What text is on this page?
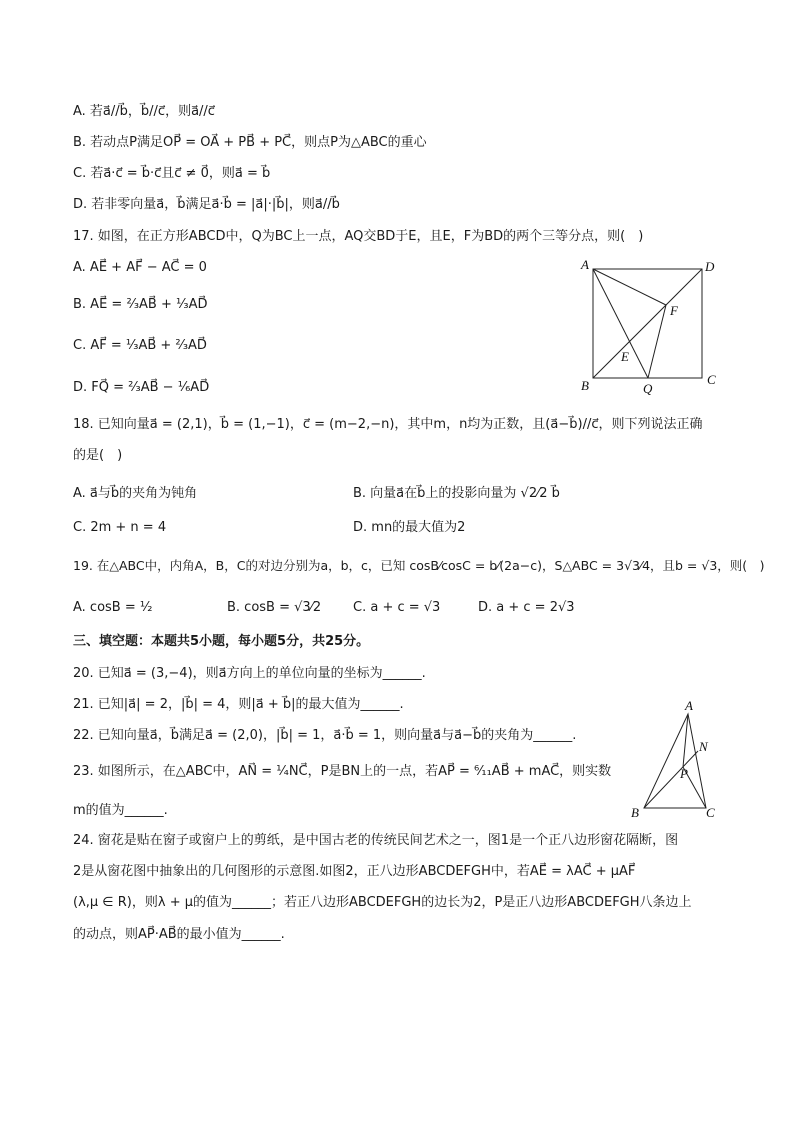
A. 若a⃗//b⃗，b⃗//c⃗，则a⃗//c⃗
B. 若动点P满足OP⃗ = OA⃗ + PB⃗ + PC⃗，则点P为△ABC的重心
C. 若a⃗·c⃗ = b⃗·c⃗且c⃗ ≠ 0⃗，则a⃗ = b⃗
D. 若非零向量a⃗，b⃗满足a⃗·b⃗ = |a⃗|·|b⃗|，则a⃗//b⃗
17. 如图，在正方形ABCD中，Q为BC上一点，AQ交BD于E，且E，F为BD的两个三等分点，则(　)
A. AE⃗ + AF⃗ − AC⃗ = 0
B. AE⃗ = ²⁄₃AB⃗ + ¹⁄₃AD⃗
C. AF⃗ = ¹⁄₃AB⃗ + ²⁄₃AD⃗
D. FQ⃗ = ²⁄₃AB⃗ − ¹⁄₆AD⃗
A	D
F
E
B	Q
C
18. 已知向量a⃗ = (2,1)，b⃗ = (1,−1)，c⃗ = (m−2,−n)，其中m，n均为正数，且(a⃗−b⃗)//c⃗，则下列说法正确
的是(　)
A. a⃗与b⃗的夹角为钝角	B. 向量a⃗在b⃗上的投影向量为 √2⁄2 b⃗
C. 2m + n = 4	D. mn的最大值为2
19. 在△ABC中，内角A，B，C的对边分别为a，b，c，已知 cosB⁄cosC = b⁄(2a−c)，S△ABC = 3√3⁄4，且b = √3，则(　)
A. cosB = ¹⁄₂	B. cosB = √3⁄2 C. a + c = √3	D. a + c = 2√3
三、填空题：本题共5小题，每小题5分，共25分。
20. 已知a⃗ = (3,−4)，则a⃗方向上的单位向量的坐标为______.
21. 已知|a⃗| = 2，|b⃗| = 4，则|a⃗ + b⃗|的最大值为______.
22. 已知向量a⃗，b⃗满足a⃗ = (2,0)，|b⃗| = 1，a⃗·b⃗ = 1，则向量a⃗与a⃗−b⃗的夹角为______.
23. 如图所示，在△ABC中，AN⃗ = ¹⁄₄NC⃗，P是BN上的一点，若AP⃗ = ⁶⁄₁₁AB⃗ + mAC⃗，则实数
m的值为______.
A
N
P
B	C
24. 窗花是贴在窗子或窗户上的剪纸，是中国古老的传统民间艺术之一，图1是一个正八边形窗花隔断，图
2是从窗花图中抽象出的几何图形的示意图.如图2，正八边形ABCDEFGH中，若AE⃗ = λAC⃗ + μAF⃗
(λ,μ ∈ R)，则λ + μ的值为______；若正八边形ABCDEFGH的边长为2，P是正八边形ABCDEFGH八条边上
的动点，则AP⃗·AB⃗的最小值为______.
